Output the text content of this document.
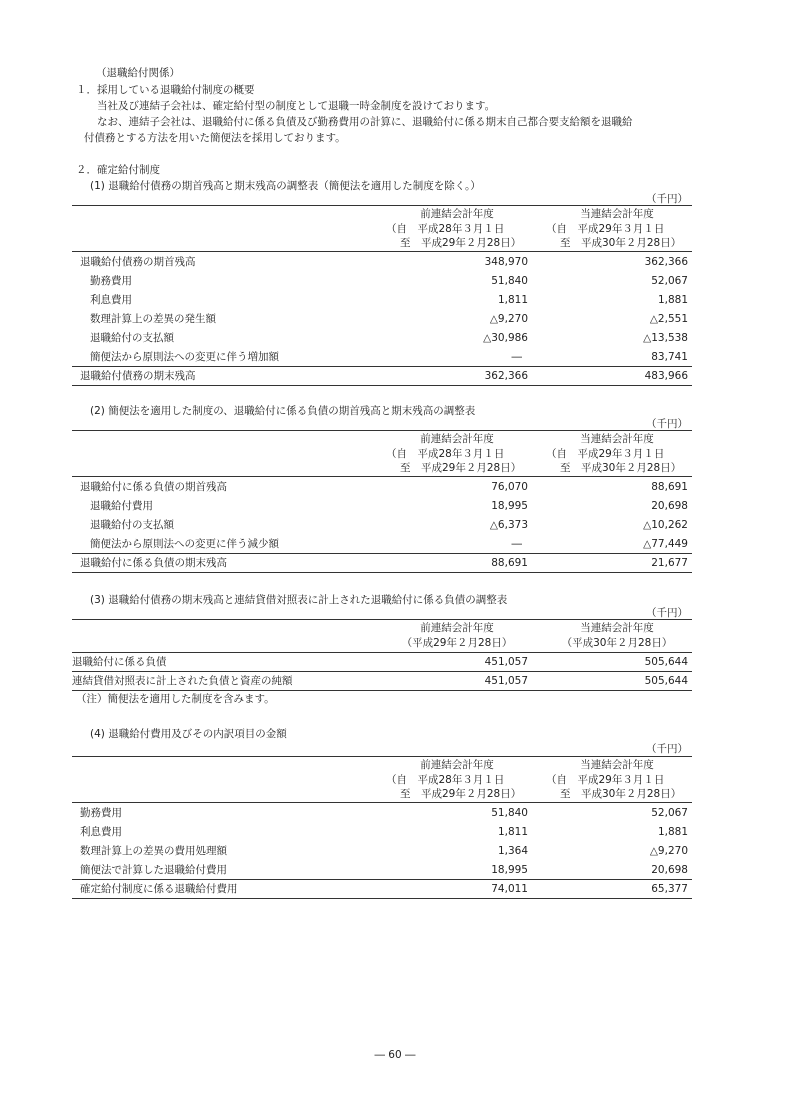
（退職給付関係）
１．採用している退職給付制度の概要
当社及び連結子会社は、確定給付型の制度として退職一時金制度を設けております。
なお、連結子会社は、退職給付に係る負債及び勤務費用の計算に、退職給付に係る期末自己都合要支給額を退職給
付債務とする方法を用いた簡便法を採用しております。
２．確定給付制度
(1) 退職給付債務の期首残高と期末残高の調整表（簡便法を適用した制度を除く。）
（千円）
前連結会計年度
（自　平成28年３月１日
至　平成29年２月28日）
当連結会計年度
（自　平成29年３月１日
至　平成30年２月28日）
退職給付債務の期首残高	348,970	362,366
勤務費用	51,840	52,067
利息費用	1,811	1,881
数理計算上の差異の発生額	△9,270	△2,551
退職給付の支払額	△30,986	△13,538
簡便法から原則法への変更に伴う増加額	―	83,741
退職給付債務の期末残高	362,366	483,966
(2) 簡便法を適用した制度の、退職給付に係る負債の期首残高と期末残高の調整表
（千円）
前連結会計年度
（自　平成28年３月１日
至　平成29年２月28日）
当連結会計年度
（自　平成29年３月１日
至　平成30年２月28日）
退職給付に係る負債の期首残高	76,070	88,691
退職給付費用	18,995	20,698
退職給付の支払額	△6,373	△10,262
簡便法から原則法への変更に伴う減少額	―	△77,449
退職給付に係る負債の期末残高	88,691	21,677
(3) 退職給付債務の期末残高と連結貸借対照表に計上された退職給付に係る負債の調整表
（千円）
前連結会計年度
（平成29年２月28日）
当連結会計年度
（平成30年２月28日）
退職給付に係る負債	451,057	505,644
連結貸借対照表に計上された負債と資産の純額	451,057	505,644
（注）簡便法を適用した制度を含みます。
(4) 退職給付費用及びその内訳項目の金額
（千円）
前連結会計年度
（自　平成28年３月１日
至　平成29年２月28日）
当連結会計年度
（自　平成29年３月１日
至　平成30年２月28日）
勤務費用	51,840	52,067
利息費用	1,811	1,881
数理計算上の差異の費用処理額	1,364	△9,270
簡便法で計算した退職給付費用	18,995	20,698
確定給付制度に係る退職給付費用	74,011	65,377
― 60 ―
